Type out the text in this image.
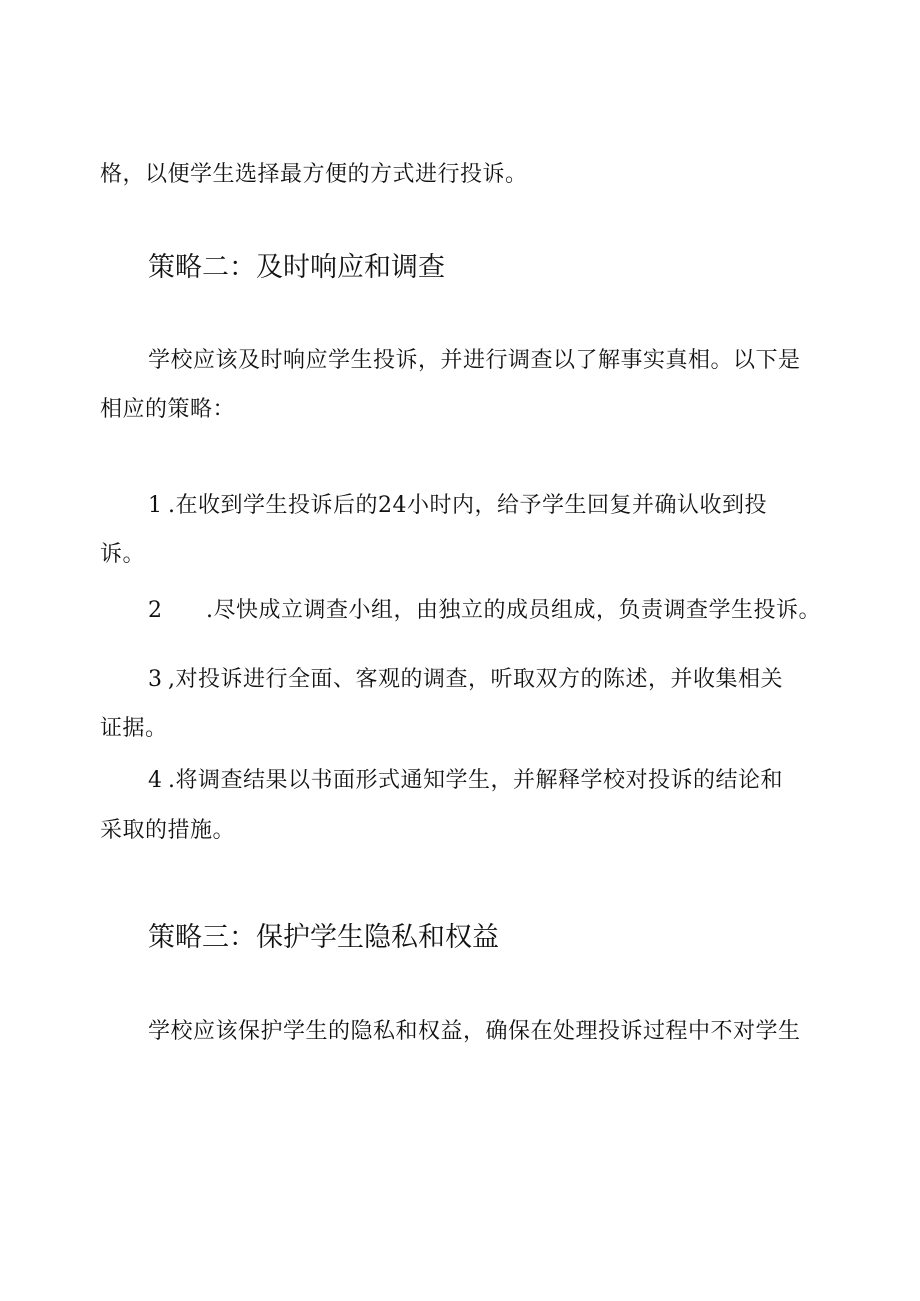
格，以便学生选择最方便的方式进行投诉。

策略二：及时响应和调查

学校应该及时响应学生投诉，并进行调查以了解事实真相。以下是

相应的策略：

1 .在收到学生投诉后的24小时内，给予学生回复并确认收到投

诉。

2 .尽快成立调查小组，由独立的成员组成，负责调查学生投诉。

3 ,对投诉进行全面、客观的调查，听取双方的陈述，并收集相关

证据。

4 .将调查结果以书面形式通知学生，并解释学校对投诉的结论和

采取的措施。

策略三：保护学生隐私和权益

学校应该保护学生的隐私和权益，确保在处理投诉过程中不对学生
